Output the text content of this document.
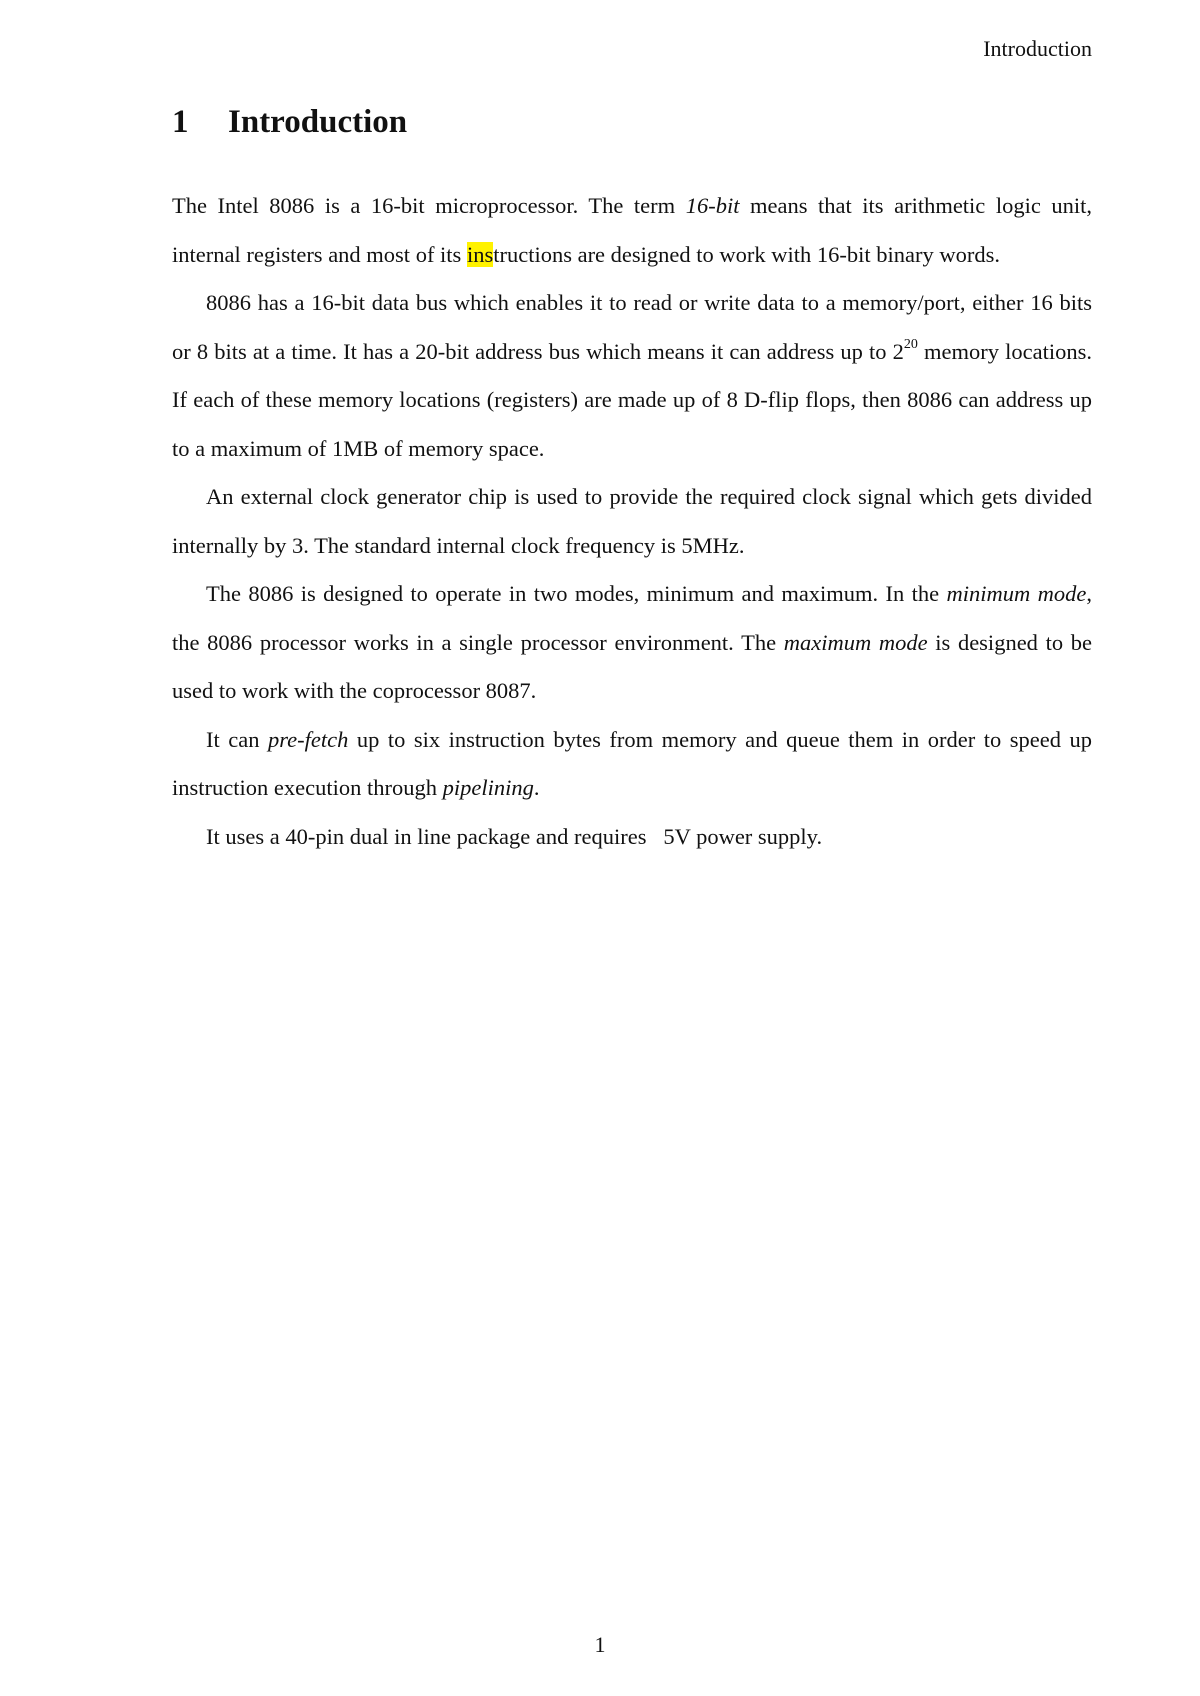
Introduction
1 Introduction

The Intel 8086 is a 16-bit microprocessor. The term 16-bit means that its arithmetic logic unit, internal registers and most of its instructions are designed to work with 16-bit binary words.

8086 has a 16-bit data bus which enables it to read or write data to a memory/port, either 16 bits or 8 bits at a time. It has a 20-bit address bus which means it can address up to $2^{20}$ memory locations. If each of these memory locations (registers) are made up of 8 D-flip flops, then 8086 can address up to a maximum of 1MB of memory space.

An external clock generator chip is used to provide the required clock signal which gets divided internally by 3. The standard internal clock frequency is 5MHz.

The 8086 is designed to operate in two modes, minimum and maximum. In the minimum mode, the 8086 processor works in a single processor environment. The maximum mode is designed to be used to work with the coprocessor 8087.

It can pre-fetch up to six instruction bytes from memory and queue them in order to speed up instruction execution through pipelining.

It uses a 40-pin dual in line package and requires   5V power supply.

1
